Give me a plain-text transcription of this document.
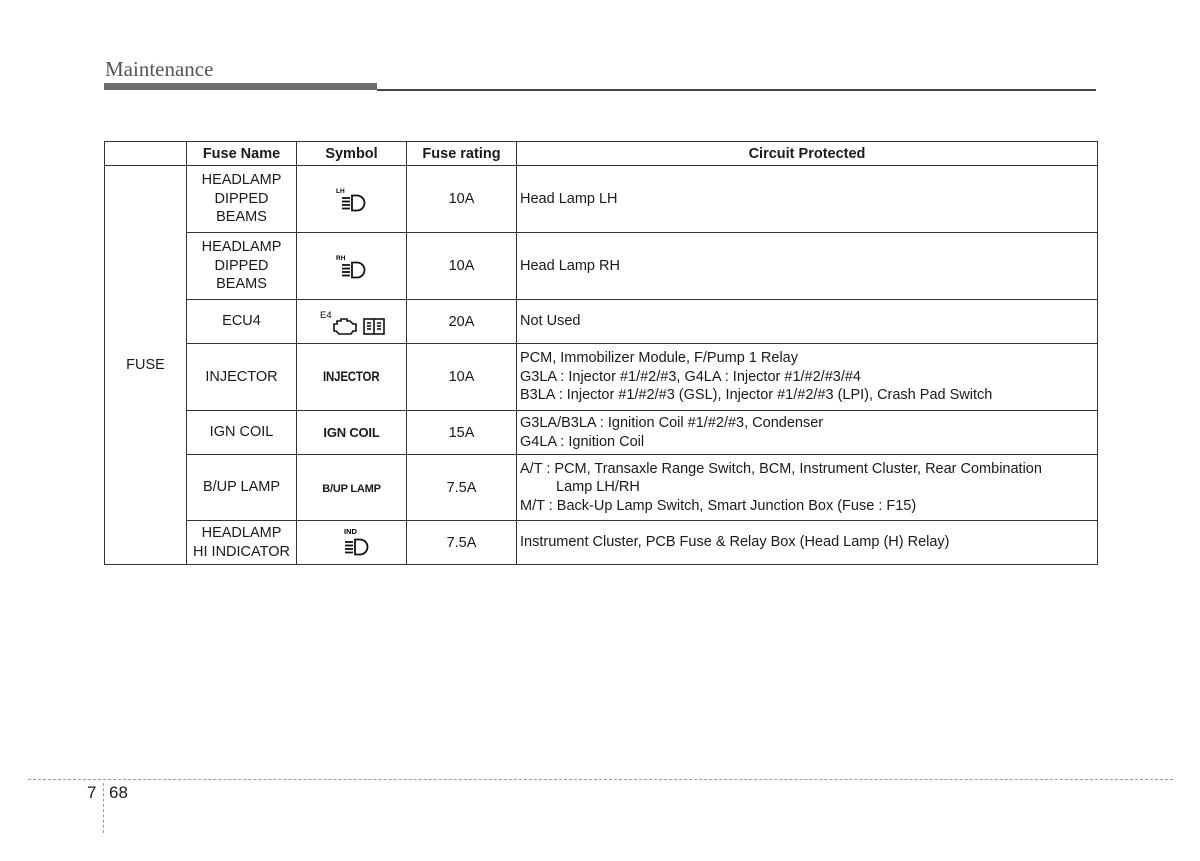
Maintenance
	Fuse Name	Symbol	Fuse rating	Circuit Protected
FUSE	HEADLAMP
DIPPED
BEAMS	LH	10A	Head Lamp LH

	HEADLAMP
DIPPED
BEAMS	RH	10A	Head Lamp RH

	ECU4	E4	20A	Not Used

	INJECTOR	INJECTOR	10A	PCM, Immobilizer Module, F/Pump 1 Relay
G3LA : Injector #1/#2/#3, G4LA : Injector #1/#2/#3/#4
B3LA : Injector #1/#2/#3 (GSL), Injector #1/#2/#3 (LPI), Crash Pad Switch

	IGN COIL	IGN COIL	15A	G3LA/B3LA : Ignition Coil #1/#2/#3, Condenser
G4LA : Ignition Coil

	B/UP LAMP	B/UP LAMP	7.5A	A/T : PCM, Transaxle Range Switch, BCM, Instrument Cluster, Rear Combination
Lamp LH/RH
M/T : Back-Up Lamp Switch, Smart Junction Box (Fuse : F15)

	HEADLAMP
HI INDICATOR	IND	7.5A	Instrument Cluster, PCB Fuse & Relay Box (Head Lamp (H) Relay)
7 68
